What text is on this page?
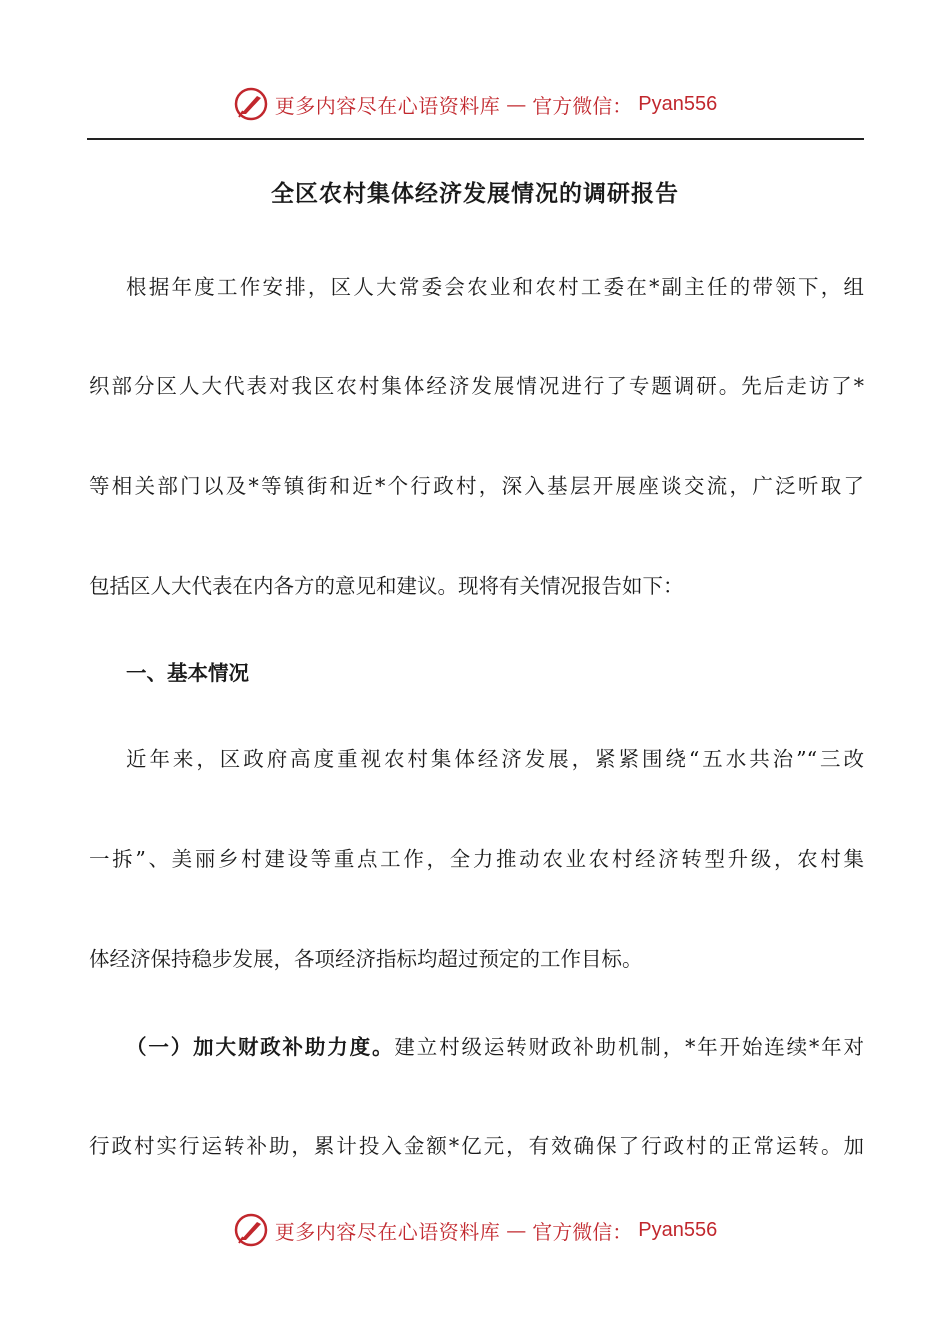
更多内容尽在心语资料库 — 官方微信： Pyan556
全区农村集体经济发展情况的调研报告
根据年度工作安排，区人大常委会农业和农村工委在*副主任的带领下，组
织部分区人大代表对我区农村集体经济发展情况进行了专题调研。先后走访了*
等相关部门以及*等镇街和近*个行政村，深入基层开展座谈交流，广泛听取了
包括区人大代表在内各方的意见和建议。现将有关情况报告如下：
一、基本情况
近年来，区政府高度重视农村集体经济发展，紧紧围绕“五水共治”“三改
一拆”、美丽乡村建设等重点工作，全力推动农业农村经济转型升级，农村集
体经济保持稳步发展，各项经济指标均超过预定的工作目标。
（一）加大财政补助力度。建立村级运转财政补助机制，*年开始连续*年对
行政村实行运转补助，累计投入金额*亿元，有效确保了行政村的正常运转。加
更多内容尽在心语资料库 — 官方微信： Pyan556
